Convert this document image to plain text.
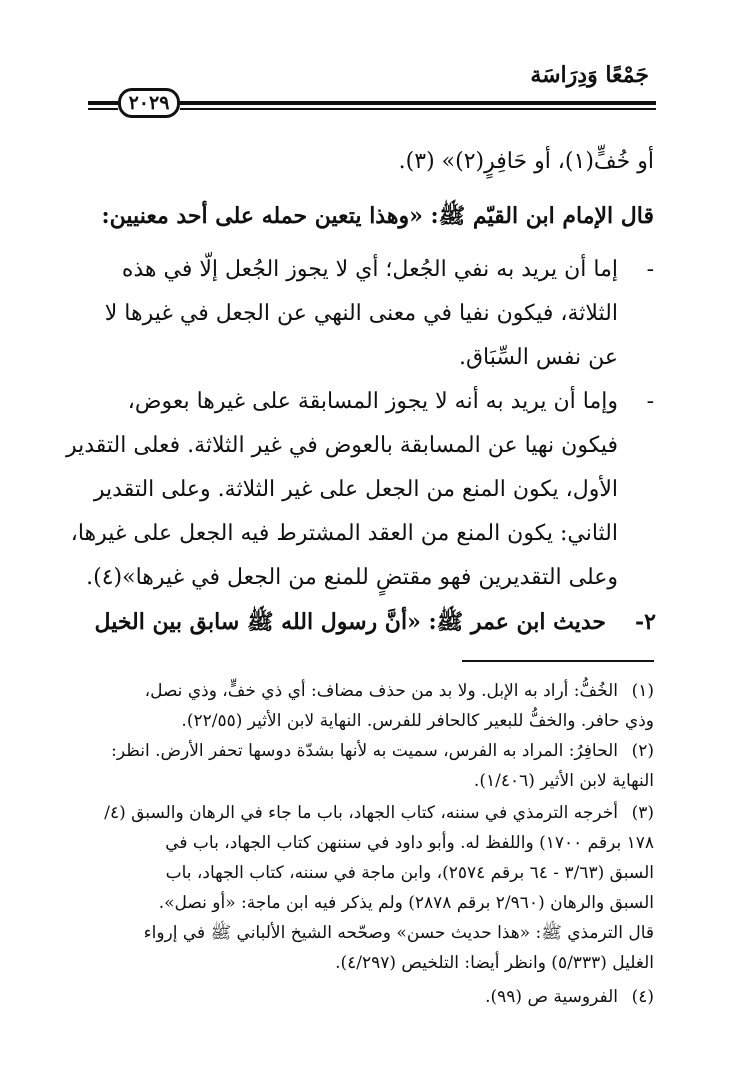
جَمْعًا وَدِرَاسَة
٢٠٢٩
أو خُفٍّ(١)، أو حَافِرٍ(٢)» (٣).
قال الإمام ابن القيّم ﷺ: «وهذا يتعين حمله على أحد معنيين:
-
إما أن يريد به نفي الجُعل؛ أي لا يجوز الجُعل إلّا في هذه
الثلاثة، فيكون نفيا في معنى النهي عن الجعل في غيرها لا
عن نفس السِّبَاق.
-
وإما أن يريد به أنه لا يجوز المسابقة على غيرها بعوض،
فيكون نهيا عن المسابقة بالعوض في غير الثلاثة. فعلى التقدير
الأول، يكون المنع من الجعل على غير الثلاثة. وعلى التقدير
الثاني: يكون المنع من العقد المشترط فيه الجعل على غيرها،
وعلى التقديرين فهو مقتضٍ للمنع من الجعل في غيرها»(٤).
٢-
حديث ابن عمر ﷺ: «أنَّ رسول الله ﷺ سابق بين الخيل
(١)
الخُفُّ: أراد به الإبل. ولا بد من حذف مضاف: أي ذي خفٍّ، وذي نصل،
وذي حافر. والخفُّ للبعير كالحافر للفرس. النهاية لابن الأثير (٢٢/٥٥).
(٢)
الحافِرُ: المراد به الفرس، سميت به لأنها بشدّة دوسها تحفر الأرض. انظر:
النهاية لابن الأثير (١/٤٠٦).
(٣)
أخرجه الترمذي في سننه، كتاب الجهاد، باب ما جاء في الرهان والسبق (٤/
١٧٨ برقم ١٧٠٠) واللفظ له. وأبو داود في سننهن كتاب الجهاد، باب في
السبق (٣/٦٣ - ٦٤ برقم ٢٥٧٤)، وابن ماجة في سننه، كتاب الجهاد، باب
السبق والرهان (٢/٩٦٠ برقم ٢٨٧٨) ولم يذكر فيه ابن ماجة: «أو نصل».
قال الترمذي ﷺ: «هذا حديث حسن» وصحّحه الشيخ الألباني ﷺ في إرواء
الغليل (٥/٣٣٣) وانظر أيضا: التلخيص (٤/٢٩٧).
(٤)
الفروسية ص (٩٩).
